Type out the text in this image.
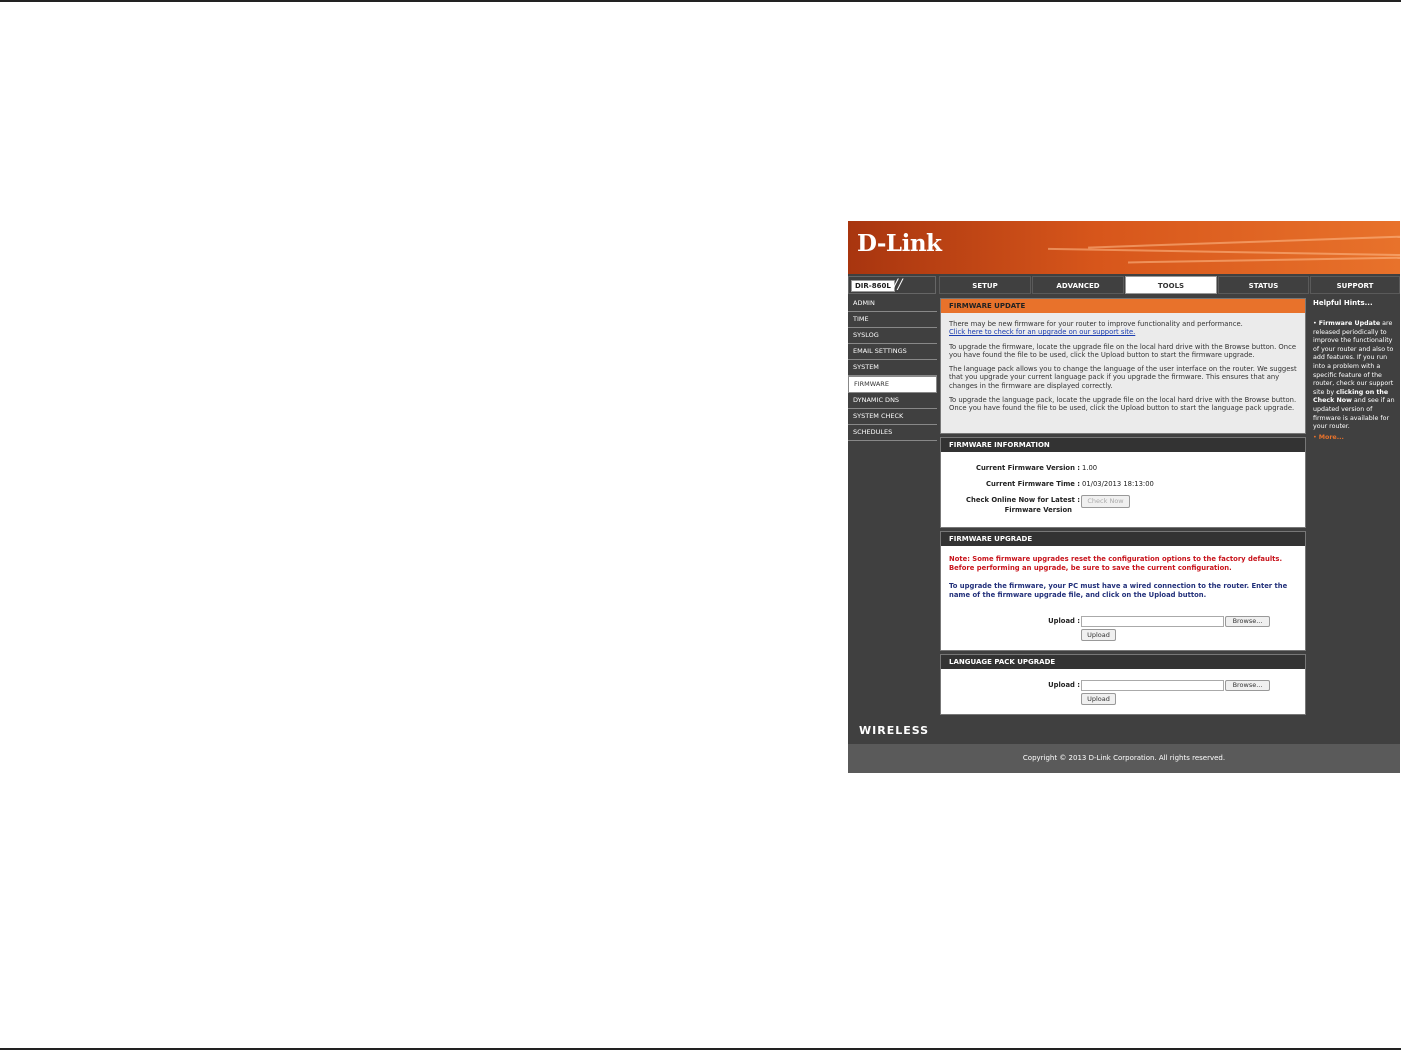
D-Link
DIR-860L //	SETUP	ADVANCED	TOOLS	STATUS	SUPPORT
ADMIN
TIME
SYSLOG
EMAIL SETTINGS
SYSTEM
FIRMWARE
DYNAMIC DNS
SYSTEM CHECK
SCHEDULES
FIRMWARE UPDATE
There may be new firmware for your router to improve functionality and performance.
Click here to check for an upgrade on our support site.
To upgrade the firmware, locate the upgrade file on the local hard drive with the Browse button. Once you have found the file to be used, click the Upload button to start the firmware upgrade.
The language pack allows you to change the language of the user interface on the router. We suggest that you upgrade your current language pack if you upgrade the firmware. This ensures that any changes in the firmware are displayed correctly.
To upgrade the language pack, locate the upgrade file on the local hard drive with the Browse button. Once you have found the file to be used, click the Upload button to start the language pack upgrade.
FIRMWARE INFORMATION
Current Firmware Version : 1.00
Current Firmware Time : 01/03/2013 18:13:00
Check Online Now for Latest :
Firmware Version
Check Now
FIRMWARE UPGRADE
Note: Some firmware upgrades reset the configuration options to the factory defaults. Before performing an upgrade, be sure to save the current configuration.
To upgrade the firmware, your PC must have a wired connection to the router. Enter the name of the firmware upgrade file, and click on the Upload button.
Upload :	Browse...
Upload
LANGUAGE PACK UPGRADE
Upload :	Browse...
Upload
Helpful Hints...
• Firmware Update are released periodically to improve the functionality of your router and also to add features. If you run into a problem with a specific feature of the router, check our support site by clicking on the Check Now and see if an updated version of firmware is available for your router.
• More...
WIRELESS
Copyright © 2013 D-Link Corporation. All rights reserved.
